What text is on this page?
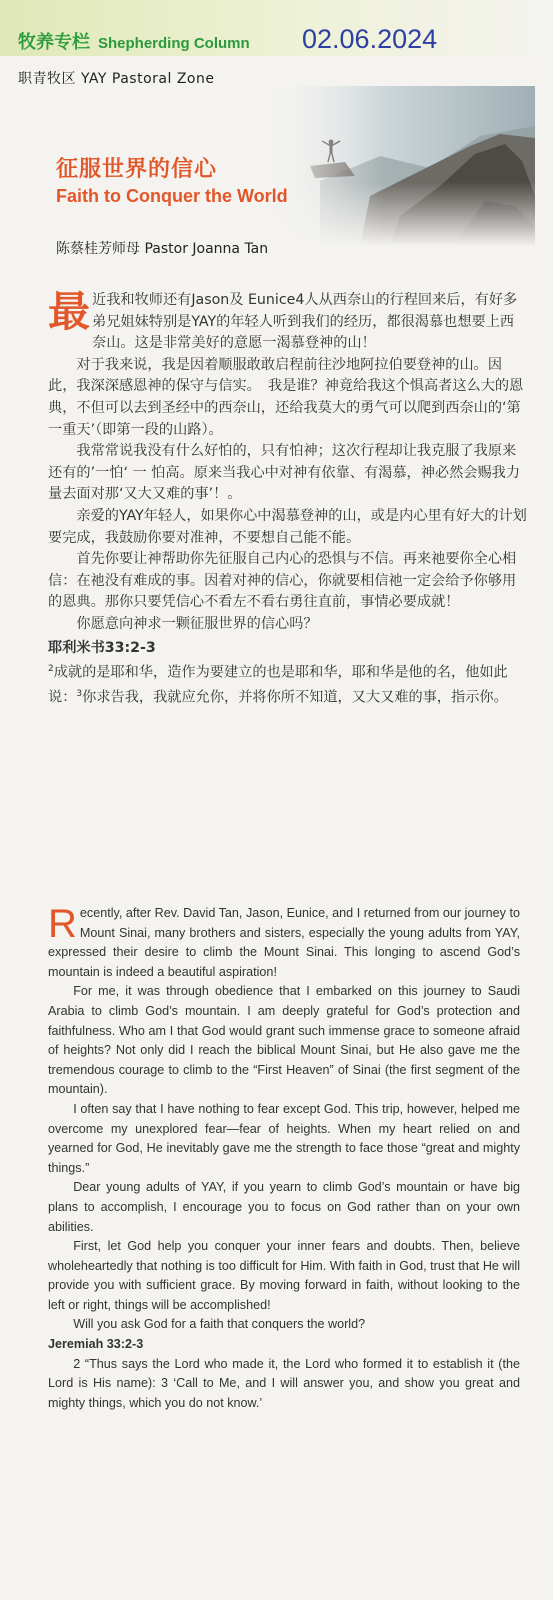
牧养专栏 Shepherding Column 02.06.2024
职青牧区 YAY Pastoral Zone
征服世界的信心
Faith to Conquer the World
陈蔡桂芳师母 Pastor Joanna Tan

最近我和牧师还有Jason及 Eunice4人从西奈山的行程回来后，有好多弟兄姐妹特别是YAY的年轻人听到我们的经历，都很渴慕也想要上西奈山。这是非常美好的意愿一渴慕登神的山！

对于我来说，我是因着顺服敢敢启程前往沙地阿拉伯要登神的山。因此，我深深感恩神的保守与信实。　我是谁？神竟给我这个惧高者这么大的恩典，不但可以去到圣经中的西奈山，还给我莫大的勇气可以爬到西奈山的‘第一重天’（即第一段的山路）。

我常常说我没有什么好怕的，只有怕神；这次行程却让我克服了我原来还有的’一怕‘ 一 怕高。原来当我心中对神有依靠、有渴慕，神必然会赐我力量去面对那‘又大又难的事’！。

亲爱的YAY年轻人，如果你心中渴慕登神的山，或是内心里有好大的计划要完成，我鼓励你要对准神，不要想自己能不能。

首先你要让神帮助你先征服自己内心的恐惧与不信。再来祂要你全心相信：在祂没有难成的事。因着对神的信心，你就要相信祂一定会给予你够用的恩典。那你只要凭信心不看左不看右勇往直前，事情必要成就！

你愿意向神求一颗征服世界的信心吗？

耶利米书33:2-3

$^2$成就的是耶和华，造作为要建立的也是耶和华，耶和华是他的名，他如此说：$^3$你求告我，我就应允你，并将你所不知道，又大又难的事，指示你。

Recently, after Rev. David Tan, Jason, Eunice, and I returned from our journey to Mount Sinai, many brothers and sisters, especially the young adults from YAY, expressed their desire to climb the Mount Sinai. This longing to ascend God’s mountain is indeed a beautiful aspiration!

For me, it was through obedience that I embarked on this journey to Saudi Arabia to climb God’s mountain. I am deeply grateful for God’s protection and faithfulness. Who am I that God would grant such immense grace to someone afraid of heights? Not only did I reach the biblical Mount Sinai, but He also gave me the tremendous courage to climb to the “First Heaven” of Sinai (the first segment of the mountain).

I often say that I have nothing to fear except God. This trip, however, helped me overcome my unexplored fear—fear of heights. When my heart relied on and yearned for God, He inevitably gave me the strength to face those “great and mighty things.”

Dear young adults of YAY, if you yearn to climb God’s mountain or have big plans to accomplish, I encourage you to focus on God rather than on your own abilities.

First, let God help you conquer your inner fears and doubts. Then, believe wholeheartedly that nothing is too difficult for Him. With faith in God, trust that He will provide you with sufficient grace. By moving forward in faith, without looking to the left or right, things will be accomplished!

Will you ask God for a faith that conquers the world?

Jeremiah 33:2-3

2 “Thus says the Lord who made it, the Lord who formed it to establish it (the Lord is His name): 3 ‘Call to Me, and I will answer you, and show you great and mighty things, which you do not know.’
